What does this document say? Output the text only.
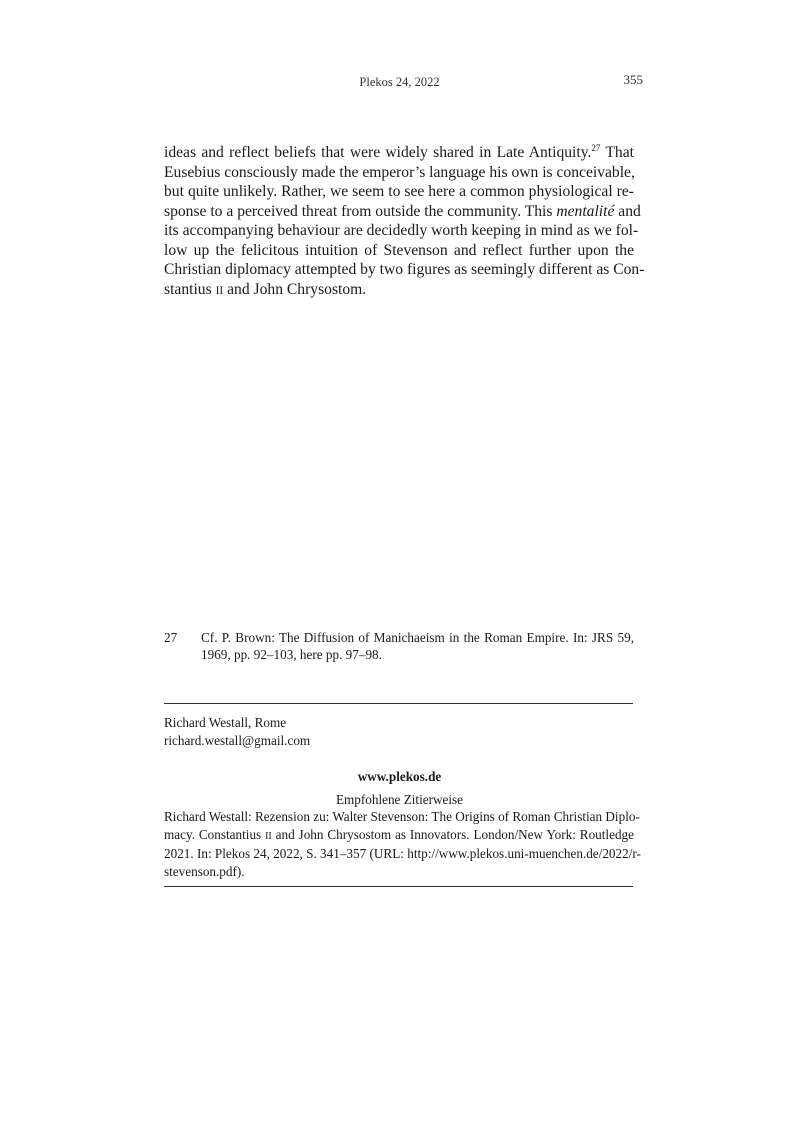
Plekos 24, 2022	355
ideas and reflect beliefs that were widely shared in Late Antiquity.$^{27}$ That
Eusebius consciously made the emperor’s language his own is conceivable,
but quite unlikely. Rather, we seem to see here a common physiological re-
sponse to a perceived threat from outside the community. This mentalité and
its accompanying behaviour are decidedly worth keeping in mind as we fol-
low up the felicitous intuition of Stevenson and reflect further upon the
Christian diplomacy attempted by two figures as seemingly different as Con-
stantius II and John Chrysostom.
27 Cf. P. Brown: The Diffusion of Manichaeism in the Roman Empire. In: JRS 59,
1969, pp. 92–103, here pp. 97–98.
Richard Westall, Rome
richard.westall@gmail.com
www.plekos.de
Empfohlene Zitierweise
Richard Westall: Rezension zu: Walter Stevenson: The Origins of Roman Christian Diplo-
macy. Constantius II and John Chrysostom as Innovators. London/New York: Routledge
2021. In: Plekos 24, 2022, S. 341–357 (URL: http://www.plekos.uni-muenchen.de/2022/r-
stevenson.pdf).
